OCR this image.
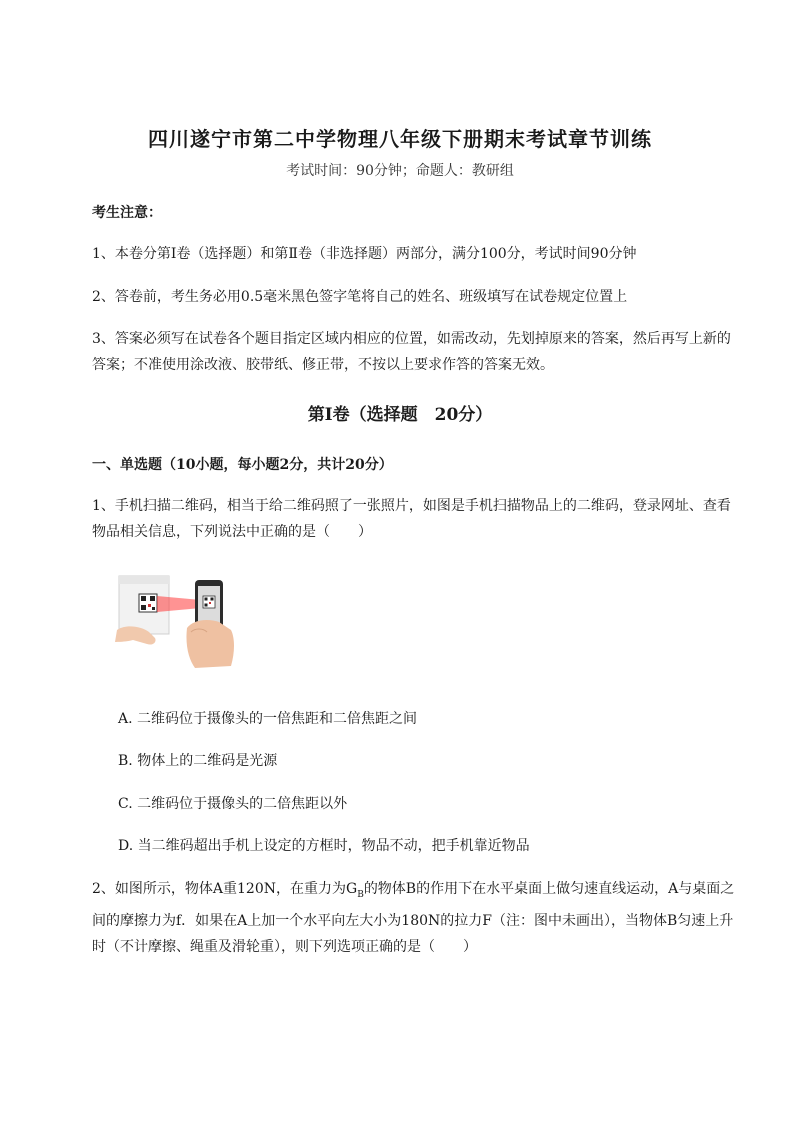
四川遂宁市第二中学物理八年级下册期末考试章节训练
考试时间：90分钟；命题人：教研组
考生注意：
1、本卷分第I卷（选择题）和第Ⅱ卷（非选择题）两部分，满分100分，考试时间90分钟
2、答卷前，考生务必用0.5毫米黑色签字笔将自己的姓名、班级填写在试卷规定位置上
3、答案必须写在试卷各个题目指定区域内相应的位置，如需改动，先划掉原来的答案，然后再写上新的答案；不准使用涂改液、胶带纸、修正带，不按以上要求作答的答案无效。
第I卷（选择题　20分）
一、单选题（10小题，每小题2分，共计20分）
1、手机扫描二维码，相当于给二维码照了一张照片，如图是手机扫描物品上的二维码，登录网址、查看物品相关信息，下列说法中正确的是（　　）
A. 二维码位于摄像头的一倍焦距和二倍焦距之间
B. 物体上的二维码是光源
C. 二维码位于摄像头的二倍焦距以外
D. 当二维码超出手机上设定的方框时，物品不动，把手机靠近物品
2、如图所示，物体A重120N，在重力为$G_B$的物体B的作用下在水平桌面上做匀速直线运动，A与桌面之间的摩擦力为f．如果在A上加一个水平向左大小为180N的拉力F（注：图中未画出），当物体B匀速上升时（不计摩擦、绳重及滑轮重），则下列选项正确的是（　　）
